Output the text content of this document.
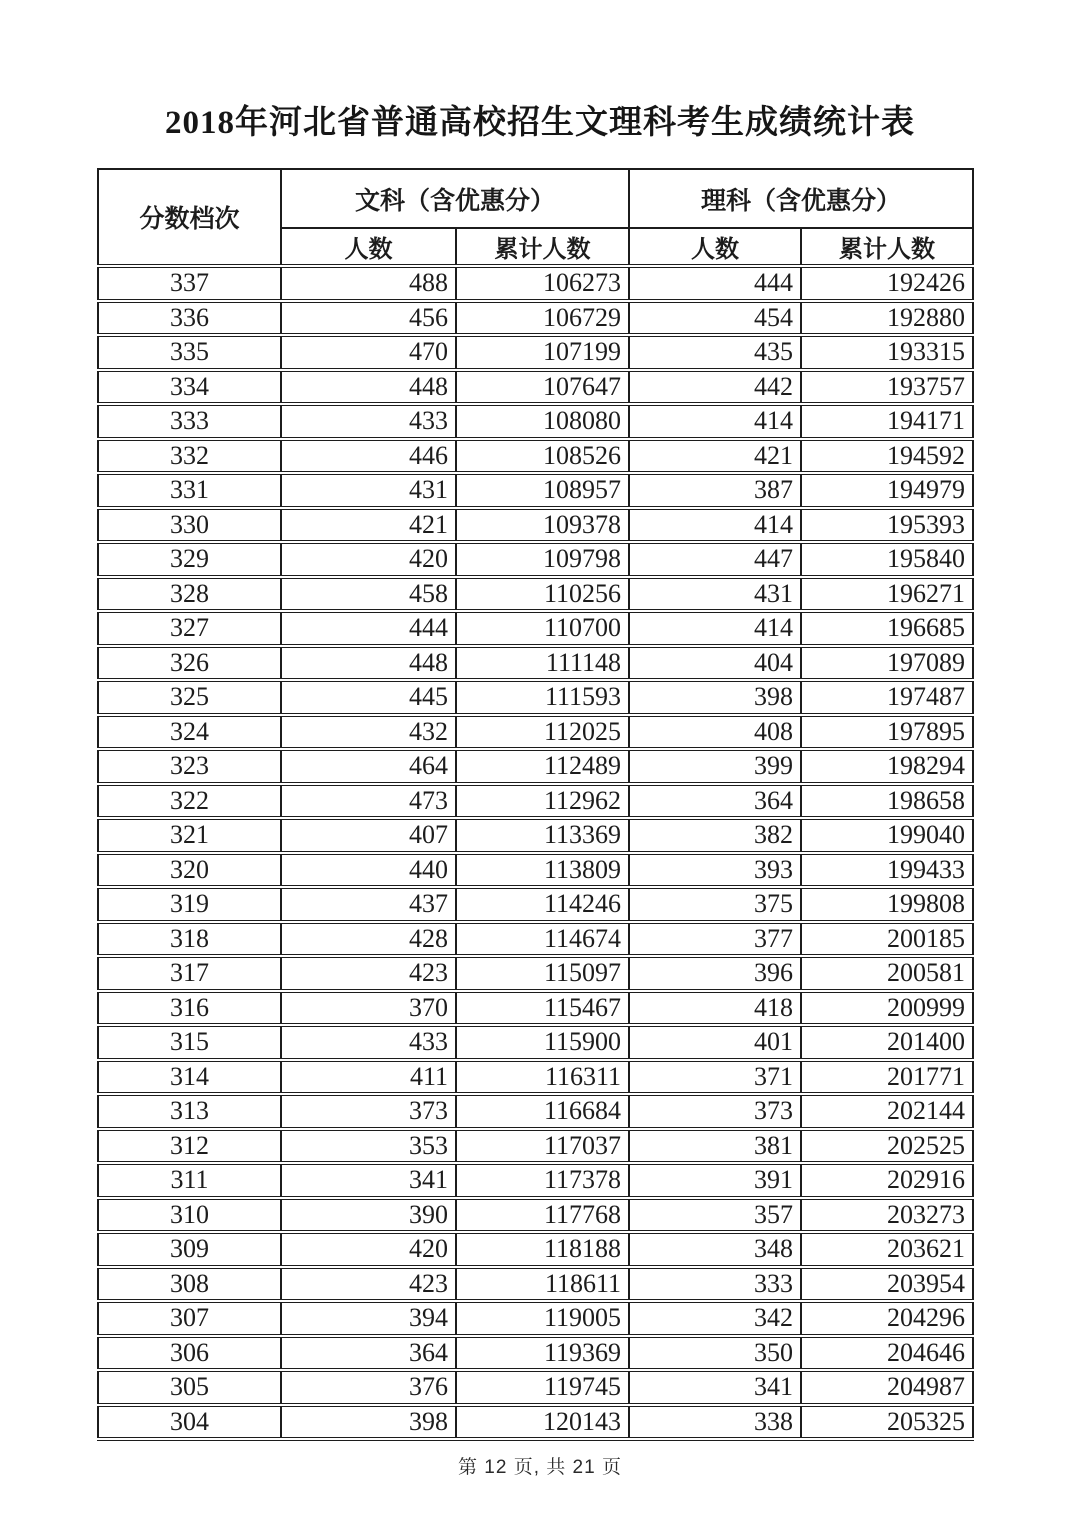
2018年河北省普通高校招生文理科考生成绩统计表
分数档次	文科（含优惠分）		理科（含优惠分）	
	人数	累计人数	人数	累计人数
337	488	106273	444	192426
336	456	106729	454	192880
335	470	107199	435	193315
334	448	107647	442	193757
333	433	108080	414	194171
332	446	108526	421	194592
331	431	108957	387	194979
330	421	109378	414	195393
329	420	109798	447	195840
328	458	110256	431	196271
327	444	110700	414	196685
326	448	111148	404	197089
325	445	111593	398	197487
324	432	112025	408	197895
323	464	112489	399	198294
322	473	112962	364	198658
321	407	113369	382	199040
320	440	113809	393	199433
319	437	114246	375	199808
318	428	114674	377	200185
317	423	115097	396	200581
316	370	115467	418	200999
315	433	115900	401	201400
314	411	116311	371	201771
313	373	116684	373	202144
312	353	117037	381	202525
311	341	117378	391	202916
310	390	117768	357	203273
309	420	118188	348	203621
308	423	118611	333	203954
307	394	119005	342	204296
306	364	119369	350	204646
305	376	119745	341	204987
304	398	120143	338	205325
第 12 页, 共 21 页
